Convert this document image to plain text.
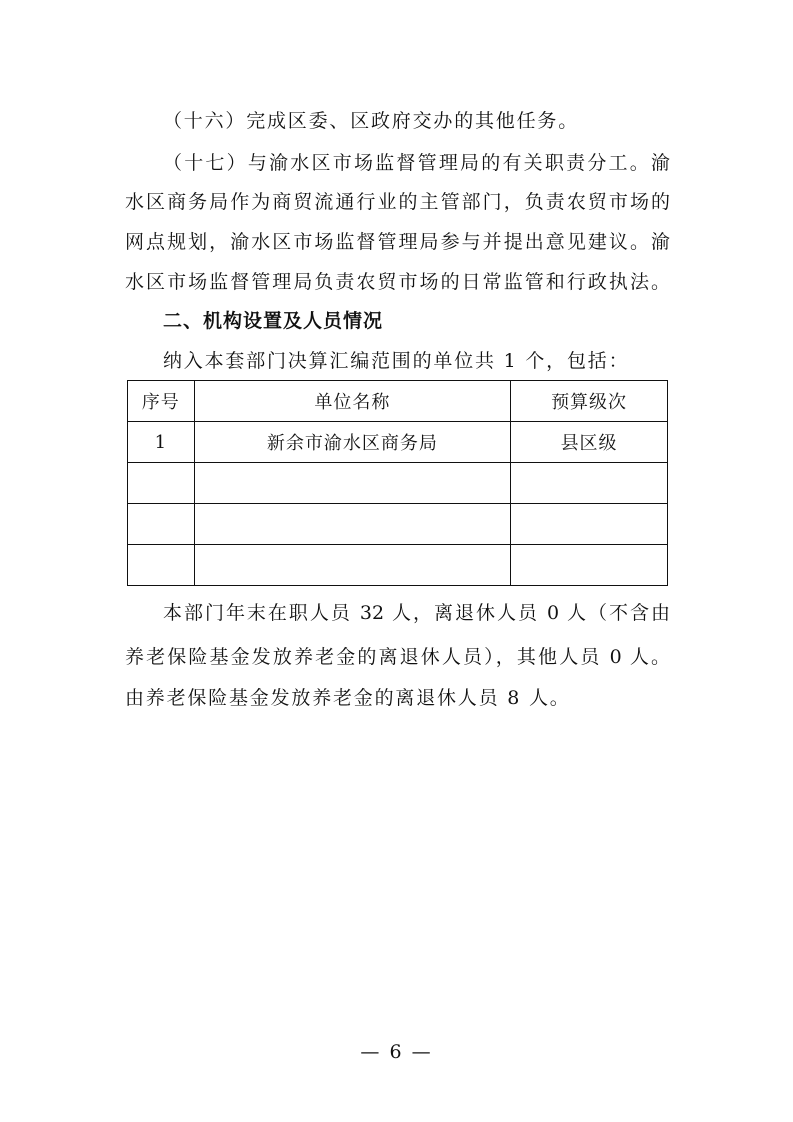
（十六）完成区委、区政府交办的其他任务。
（十七）与渝水区市场监督管理局的有关职责分工。渝
水区商务局作为商贸流通行业的主管部门，负责农贸市场的
网点规划，渝水区市场监督管理局参与并提出意见建议。渝
水区市场监督管理局负责农贸市场的日常监管和行政执法。
二、机构设置及人员情况
纳入本套部门决算汇编范围的单位共 1 个，包括：
序号	单位名称	预算级次
1	新余市渝水区商务局	县区级

本部门年末在职人员 32 人，离退休人员 0 人（不含由
养老保险基金发放养老金的离退休人员），其他人员 0 人。
由养老保险基金发放养老金的离退休人员 8 人。
— 6 —
